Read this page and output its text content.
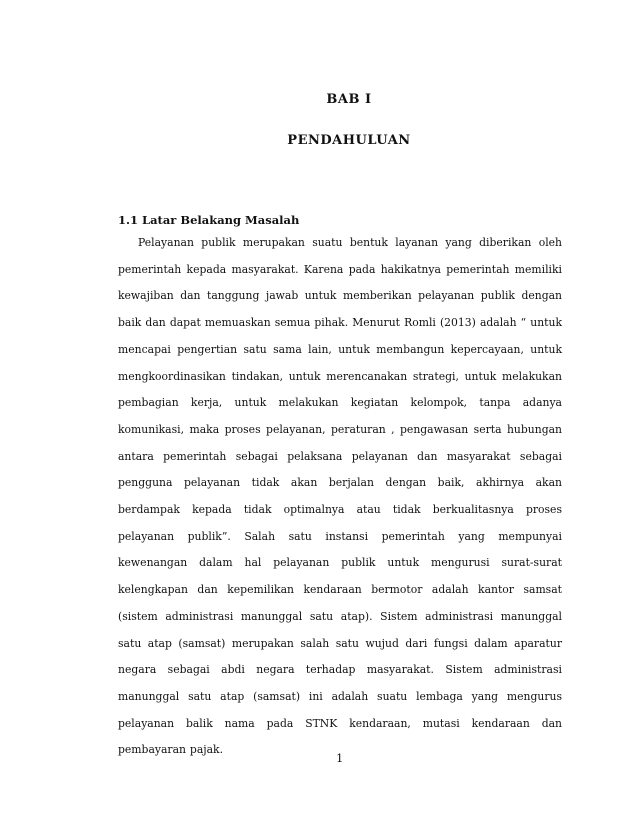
BAB I
PENDAHULUAN
1.1 Latar Belakang Masalah

Pelayanan publik merupakan suatu bentuk layanan yang diberikan oleh pemerintah kepada masyarakat. Karena pada hakikatnya pemerintah memiliki kewajiban dan tanggung jawab untuk memberikan pelayanan publik dengan baik dan dapat memuaskan semua pihak. Menurut Romli (2013) adalah “ untuk mencapai pengertian satu sama lain, untuk membangun kepercayaan, untuk mengkoordinasikan tindakan, untuk merencanakan strategi, untuk melakukan pembagian kerja, untuk melakukan kegiatan kelompok, tanpa adanya komunikasi, maka proses pelayanan, peraturan , pengawasan serta hubungan antara pemerintah sebagai pelaksana pelayanan dan masyarakat sebagai pengguna pelayanan tidak akan berjalan dengan baik, akhirnya akan berdampak kepada tidak optimalnya atau tidak berkualitasnya proses pelayanan publik”. Salah satu instansi pemerintah yang mempunyai kewenangan dalam hal pelayanan publik untuk mengurusi surat-surat kelengkapan dan kepemilikan kendaraan bermotor adalah kantor samsat (sistem administrasi manunggal satu atap). Sistem administrasi manunggal satu atap (samsat) merupakan salah satu wujud dari fungsi dalam aparatur negara sebagai abdi negara terhadap masyarakat. Sistem administrasi manunggal satu atap (samsat) ini adalah suatu lembaga yang mengurus pelayanan balik nama pada STNK kendaraan, mutasi kendaraan dan pembayaran pajak.

1
